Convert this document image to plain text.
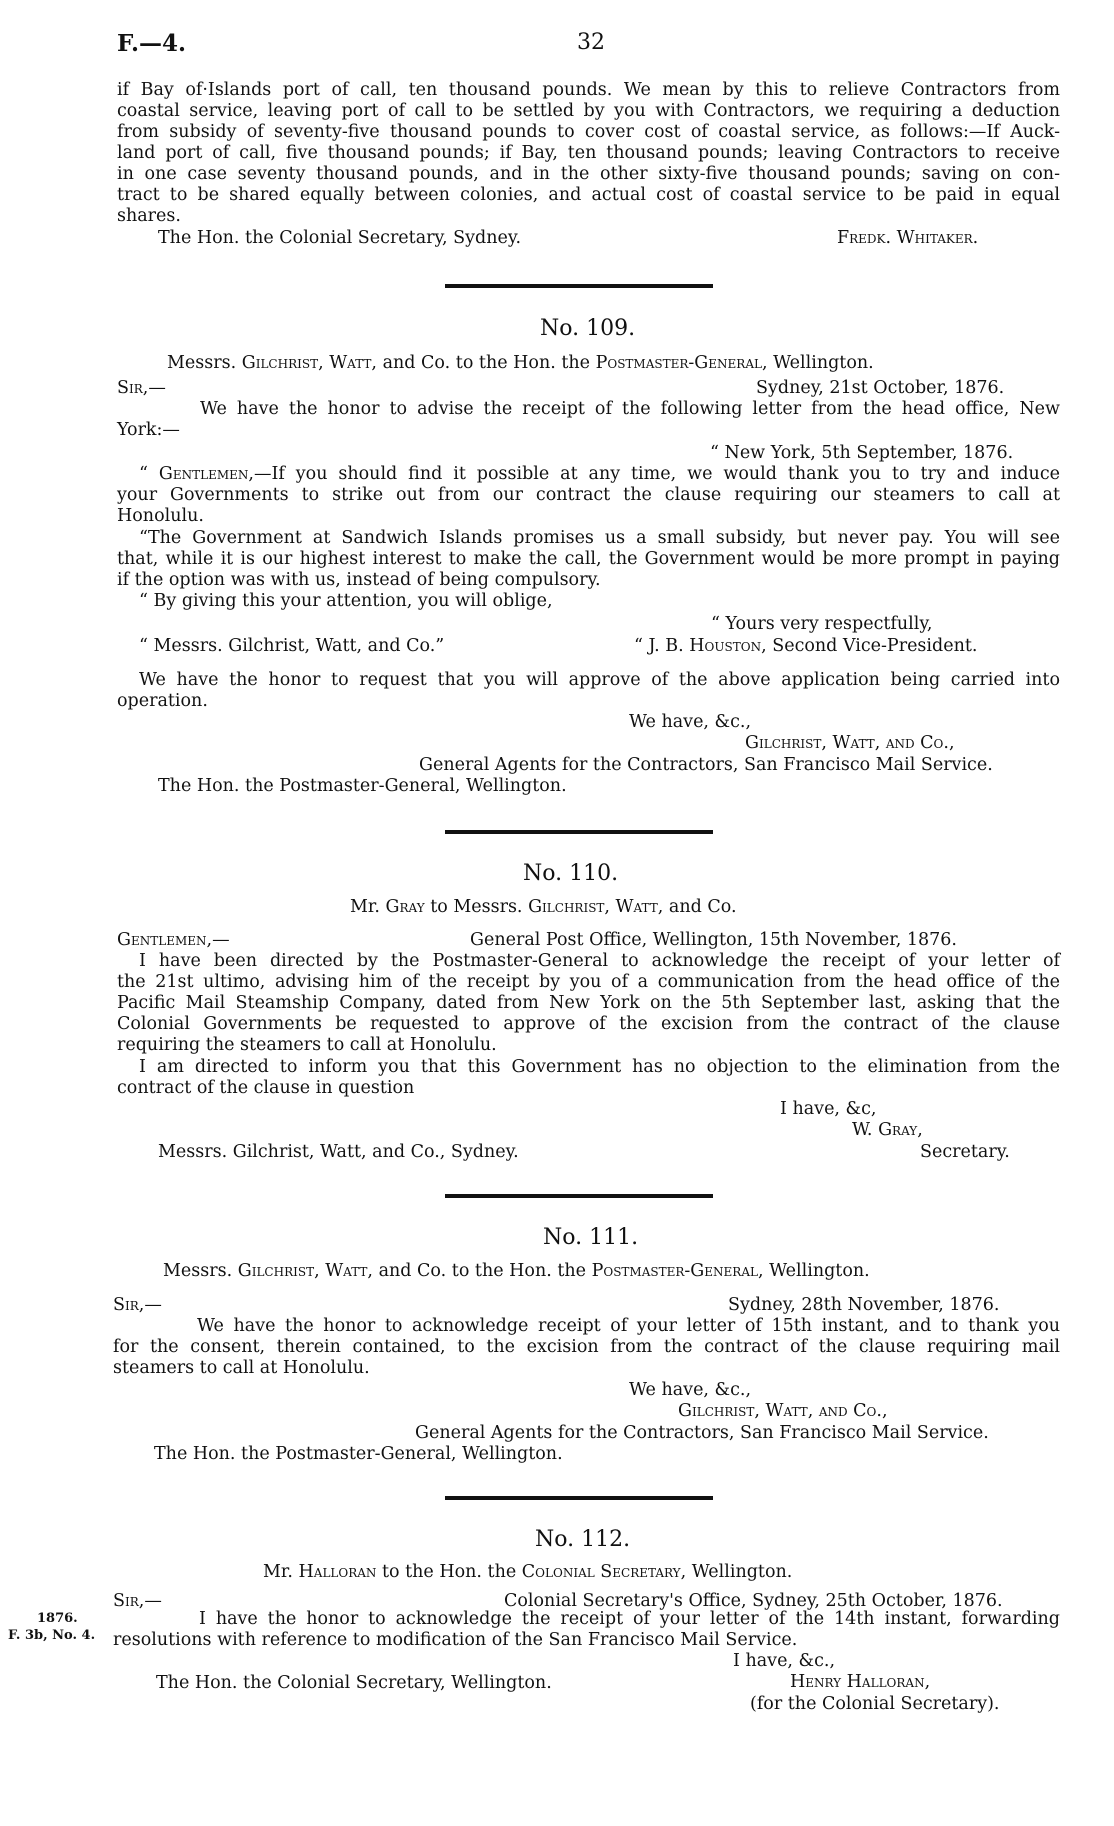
F.—4.	32
if Bay of·Islands port of call, ten thousand pounds. We mean by this to relieve Contractors from
coastal service, leaving port of call to be settled by you with Contractors, we requiring a deduction
from subsidy of seventy-five thousand pounds to cover cost of coastal service, as follows:—If Auck-
land port of call, five thousand pounds; if Bay, ten thousand pounds; leaving Contractors to receive
in one case seventy thousand pounds, and in the other sixty-five thousand pounds; saving on con-
tract to be shared equally between colonies, and actual cost of coastal service to be paid in equal
shares.
The Hon. the Colonial Secretary, Sydney.	Fredk. Whitaker.
No. 109.
Messrs. Gilchrist, Watt, and Co. to the Hon. the Postmaster-General, Wellington.
Sir,—	Sydney, 21st October, 1876.
We have the honor to advise the receipt of the following letter from the head office, New
York:—
“ New York, 5th September, 1876.
“ Gentlemen,—If you should find it possible at any time, we would thank you to try and induce
your Governments to strike out from our contract the clause requiring our steamers to call at
Honolulu.
“The Government at Sandwich Islands promises us a small subsidy, but never pay. You will see
that, while it is our highest interest to make the call, the Government would be more prompt in paying
if the option was with us, instead of being compulsory.
“ By giving this your attention, you will oblige,
“ Yours very respectfully,
“ Messrs. Gilchrist, Watt, and Co.”	“ J. B. Houston, Second Vice-President.
We have the honor to request that you will approve of the above application being carried into
operation.
We have, &c.,
Gilchrist, Watt, and Co.,
General Agents for the Contractors, San Francisco Mail Service.
The Hon. the Postmaster-General, Wellington.
No. 110.
Mr. Gray to Messrs. Gilchrist, Watt, and Co.
Gentlemen,—	General Post Office, Wellington, 15th November, 1876.
I have been directed by the Postmaster-General to acknowledge the receipt of your letter of
the 21st ultimo, advising him of the receipt by you of a communication from the head office of the
Pacific Mail Steamship Company, dated from New York on the 5th September last, asking that the
Colonial Governments be requested to approve of the excision from the contract of the clause
requiring the steamers to call at Honolulu.
I am directed to inform you that this Government has no objection to the elimination from the
contract of the clause in question
I have, &c,
W. Gray,
Messrs. Gilchrist, Watt, and Co., Sydney.	Secretary.
No. 111.
Messrs. Gilchrist, Watt, and Co. to the Hon. the Postmaster-General, Wellington.
Sir,—	Sydney, 28th November, 1876.
We have the honor to acknowledge receipt of your letter of 15th instant, and to thank you
for the consent, therein contained, to the excision from the contract of the clause requiring mail
steamers to call at Honolulu.
We have, &c.,
Gilchrist, Watt, and Co.,
General Agents for the Contractors, San Francisco Mail Service.
The Hon. the Postmaster-General, Wellington.
No. 112.
Mr. Halloran to the Hon. the Colonial Secretary, Wellington.
Sir,—	Colonial Secretary's Office, Sydney, 25th October, 1876.
1876.
F. 3b, No. 4.
I have the honor to acknowledge the receipt of your letter of the 14th instant, forwarding
resolutions with reference to modification of the San Francisco Mail Service.
I have, &c.,
Henry Halloran,
The Hon. the Colonial Secretary, Wellington.
(for the Colonial Secretary).
